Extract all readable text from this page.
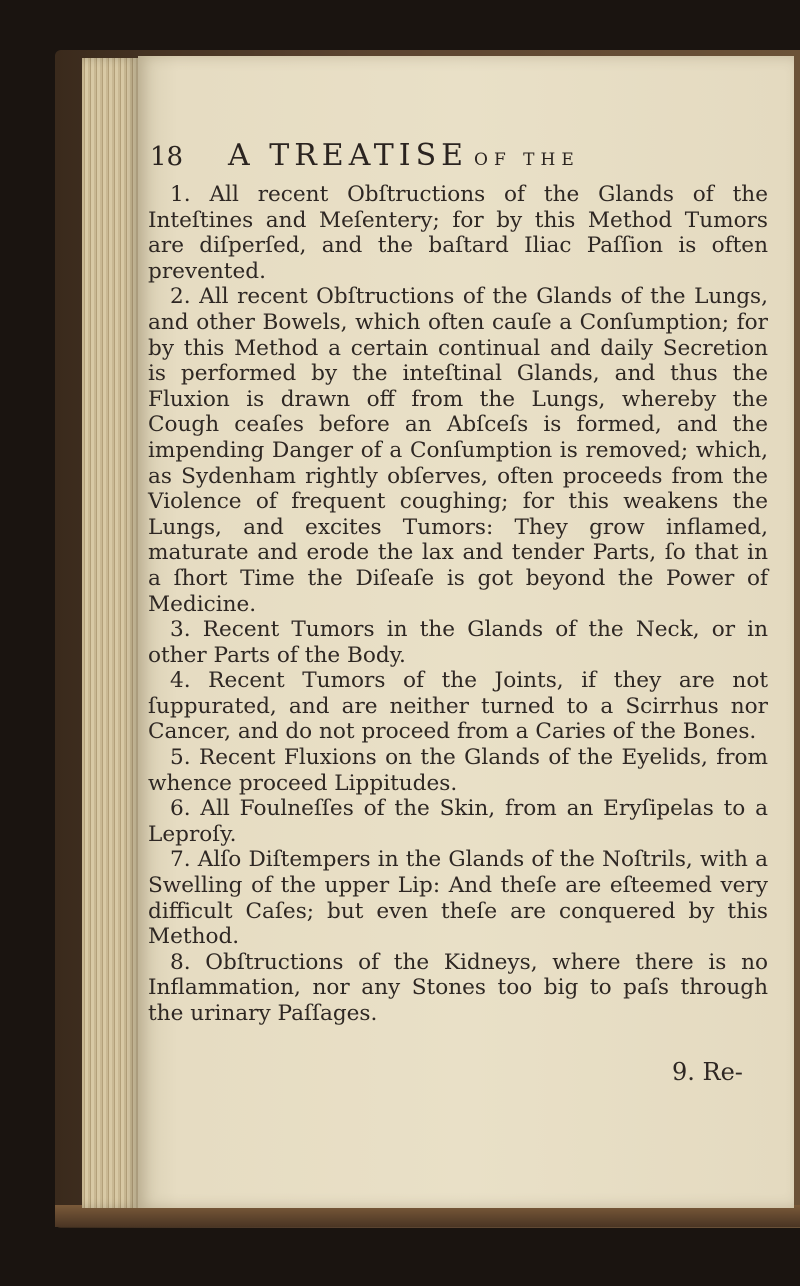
18 A TREATISE OF THE

1. All recent Obſtructions of the Glands of the Inteſtines and Meſentery; for by this Method Tumors are diſperſed, and the baſtard Iliac Paſſion is often prevented.

2. All recent Obſtructions of the Glands of the Lungs, and other Bowels, which often cauſe a Conſumption; for by this Method a certain continual and daily Secretion is performed by the inteſtinal Glands, and thus the Fluxion is drawn off from the Lungs, whereby the Cough ceaſes before an Abſceſs is formed, and the impending Danger of a Conſumption is removed; which, as Sydenham rightly obſerves, often proceeds from the Violence of frequent coughing; for this weakens the Lungs, and excites Tumors: They grow inflamed, maturate and erode the lax and tender Parts, ſo that in a ſhort Time the Diſeaſe is got beyond the Power of Medicine.

3. Recent Tumors in the Glands of the Neck, or in other Parts of the Body.

4. Recent Tumors of the Joints, if they are not ſuppurated, and are neither turned to a Scirrhus nor Cancer, and do not proceed from a Caries of the Bones.

5. Recent Fluxions on the Glands of the Eyelids, from whence proceed Lippitudes.

6. All Foulneſſes of the Skin, from an Eryſipelas to a Leproſy.

7. Alſo Diſtempers in the Glands of the Noſtrils, with a Swelling of the upper Lip: And theſe are eſteemed very difficult Caſes; but even theſe are conquered by this Method.

8. Obſtructions of the Kidneys, where there is no Inflammation, nor any Stones too big to paſs through the urinary Paſſages.

9. Re-
